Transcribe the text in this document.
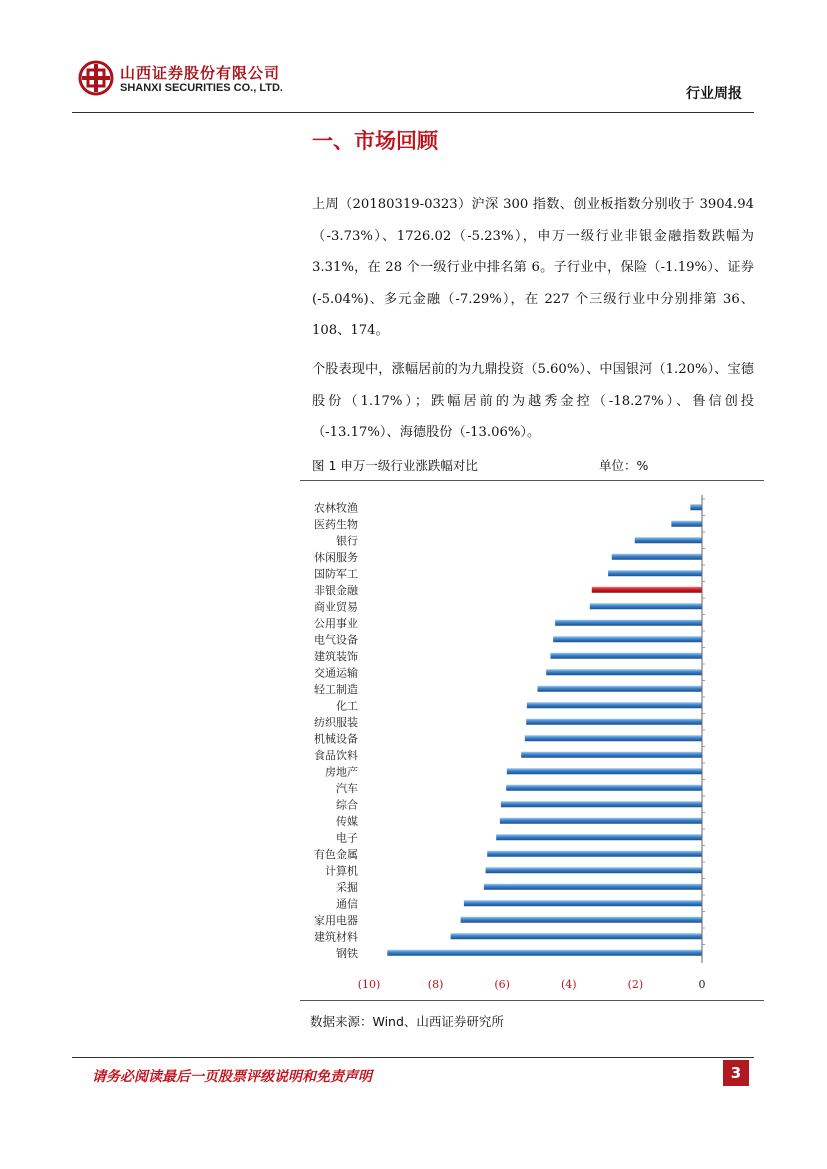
山西证券股份有限公司
SHANXI SECURITIES CO., LTD.	行业周报
一、市场回顾
上周（20180319-0323）沪深 300 指数、创业板指数分别收于 3904.94（-3.73%）、1726.02（-5.23%），申万一级行业非银金融指数跌幅为 3.31%，在 28 个一级行业中排名第 6。子行业中，保险（-1.19%）、证券(-5.04%)、多元金融（-7.29%），在 227 个三级行业中分别排第 36、108、174。
个股表现中，涨幅居前的为九鼎投资（5.60%）、中国银河（1.20%）、宝德股份（1.17%）；跌幅居前的为越秀金控（-18.27%）、鲁信创投（-13.17%）、海德股份（-13.06%）。
图 1 申万一级行业涨跌幅对比	单位：%
农林牧渔
医药生物
银行
休闲服务
国防军工
非银金融
商业贸易
公用事业
电气设备
建筑装饰
交通运输
轻工制造
化工
纺织服装
机械设备
食品饮料
房地产
汽车
综合
传媒
电子
有色金属
计算机
采掘
通信
家用电器
建筑材料
钢铁
(10)	(8)	(6)	(4)	(2)	0
数据来源：Wind、山西证券研究所
请务必阅读最后一页股票评级说明和免责声明	3
